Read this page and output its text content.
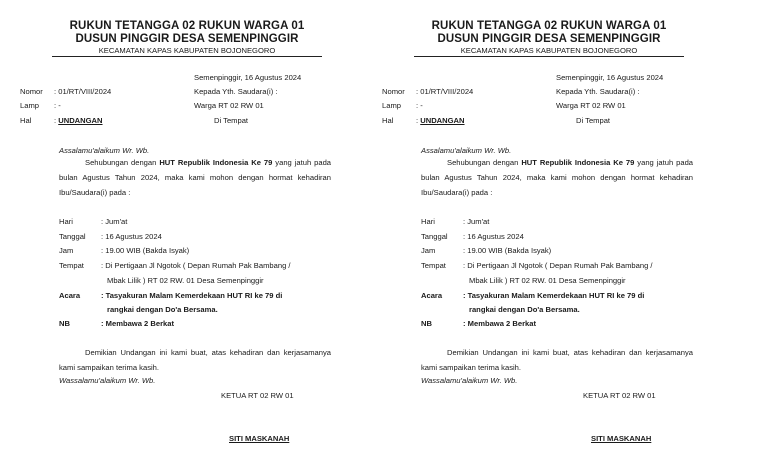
RUKUN TETANGGA 02 RUKUN WARGA 01
DUSUN PINGGIR DESA SEMENPINGGIR
KECAMATAN KAPAS KABUPATEN BOJONEGORO
Semenpinggir, 16 Agustus 2024
Kepada Yth. Saudara(i) :
Warga RT 02 RW 01
Di Tempat
Nomor : 01/RT/VIII/2024
Lamp : -
Hal	: UNDANGAN
Assalamu'alaikum Wr. Wb.
Sehubungan dengan HUT Republik Indonesia Ke 79 yang jatuh pada bulan Agustus Tahun 2024, maka kami mohon dengan hormat kehadiran Ibu/Saudara(i) pada :
Hari	: Jum'at
Tanggal : 16 Agustus 2024
Jam	: 19.00 WIB (Bakda Isyak)
Tempat : Di Pertigaan Jl Ngotok ( Depan Rumah Pak Bambang /
Mbak Lilik ) RT 02 RW. 01 Desa Semenpinggir
Acara	: Tasyakuran Malam Kemerdekaan HUT RI ke 79 di
rangkai dengan Do'a Bersama.
NB	: Membawa 2 Berkat
Demikian Undangan ini kami buat, atas kehadiran dan kerjasamanya kami sampaikan terima kasih.
Wassalamu'alaikum Wr. Wb.
KETUA RT 02 RW 01
SITI MASKANAH
RUKUN TETANGGA 02 RUKUN WARGA 01
DUSUN PINGGIR DESA SEMENPINGGIR
KECAMATAN KAPAS KABUPATEN BOJONEGORO
Semenpinggir, 16 Agustus 2024
Kepada Yth. Saudara(i) :
Warga RT 02 RW 01
Di Tempat
Nomor : 01/RT/VIII/2024
Lamp : -
Hal	: UNDANGAN
Assalamu'alaikum Wr. Wb.
Sehubungan dengan HUT Republik Indonesia Ke 79 yang jatuh pada bulan Agustus Tahun 2024, maka kami mohon dengan hormat kehadiran Ibu/Saudara(i) pada :
Hari	: Jum'at
Tanggal : 16 Agustus 2024
Jam	: 19.00 WIB (Bakda Isyak)
Tempat : Di Pertigaan Jl Ngotok ( Depan Rumah Pak Bambang /
Mbak Lilik ) RT 02 RW. 01 Desa Semenpinggir
Acara	: Tasyakuran Malam Kemerdekaan HUT RI ke 79 di
rangkai dengan Do'a Bersama.
NB	: Membawa 2 Berkat
Demikian Undangan ini kami buat, atas kehadiran dan kerjasamanya kami sampaikan terima kasih.
Wassalamu'alaikum Wr. Wb.
KETUA RT 02 RW 01
SITI MASKANAH
